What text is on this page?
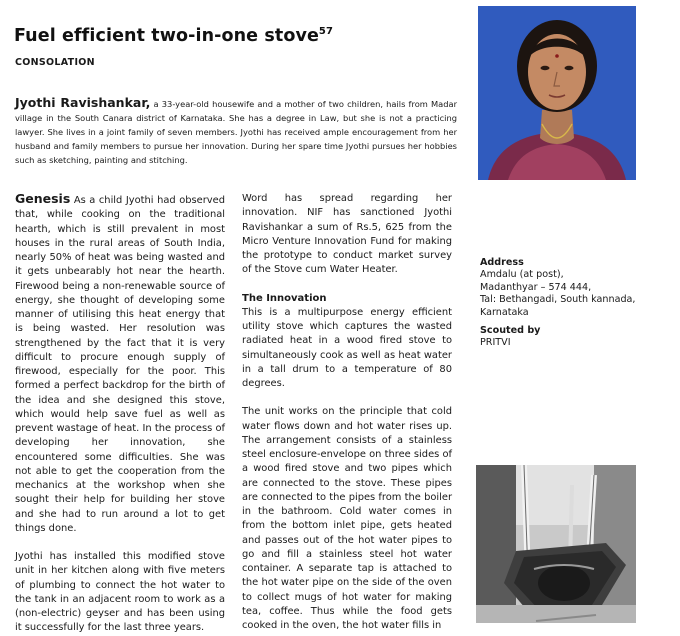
Fuel efficient two-in-one stove$^{57}$
CONSOLATION
Jyothi Ravishankar, a 33-year-old housewife and a mother of two children, hails from Madar village in the South Canara district of Karnataka. She has a degree in Law, but she is not a practicing lawyer. She lives in a joint family of seven members. Jyothi has received ample encouragement from her husband and family members to pursue her innovation. During her spare time Jyothi pursues her hobbies such as sketching, painting and stitching.

Genesis As a child Jyothi had observed that, while cooking on the traditional hearth, which is still prevalent in most houses in the rural areas of South India, nearly 50% of heat was being wasted and it gets unbearably hot near the hearth. Firewood being a non-renewable source of energy, she thought of developing some manner of utilising this heat energy that is being wasted. Her resolution was strengthened by the fact that it is very difficult to procure enough supply of firewood, especially for the poor. This formed a perfect backdrop for the birth of the idea and she designed this stove, which would help save fuel as well as prevent wastage of heat. In the process of developing her innovation, she encountered some difficulties. She was not able to get the cooperation from the mechanics at the workshop when she sought their help for building her stove and she had to run around a lot to get things done.

Jyothi has installed this modified stove unit in her kitchen along with five meters of plumbing to connect the hot water to the tank in an adjacent room to work as a (non-electric) geyser and has been using it successfully for the last three years.

Word has spread regarding her innovation. NIF has sanctioned Jyothi Ravishankar a sum of Rs.5, 625 from the Micro Venture Innovation Fund for making the prototype to conduct market survey of the Stove cum Water Heater.

The Innovation

This is a multipurpose energy efficient utility stove which captures the wasted radiated heat in a wood fired stove to simultaneously cook as well as heat water in a tall drum to a temperature of 80 degrees.

The unit works on the principle that cold water flows down and hot water rises up. The arrangement consists of a stainless steel enclosure-envelope on three sides of a wood fired stove and two pipes which are connected to the stove. These pipes are connected to the pipes from the boiler in the bathroom. Cold water comes in from the bottom inlet pipe, gets heated and passes out of the hot water pipes to go and fill a stainless steel hot water container. A separate tap is attached to the hot water pipe on the side of the oven to collect mugs of hot water for making tea, coffee. Thus while the food gets cooked in the oven, the hot water fills in

Address
Amdalu (at post),
Madanthyar – 574 444,
Tal: Bethangadi, South kannada, Karnataka
Scouted by
PRITVI
